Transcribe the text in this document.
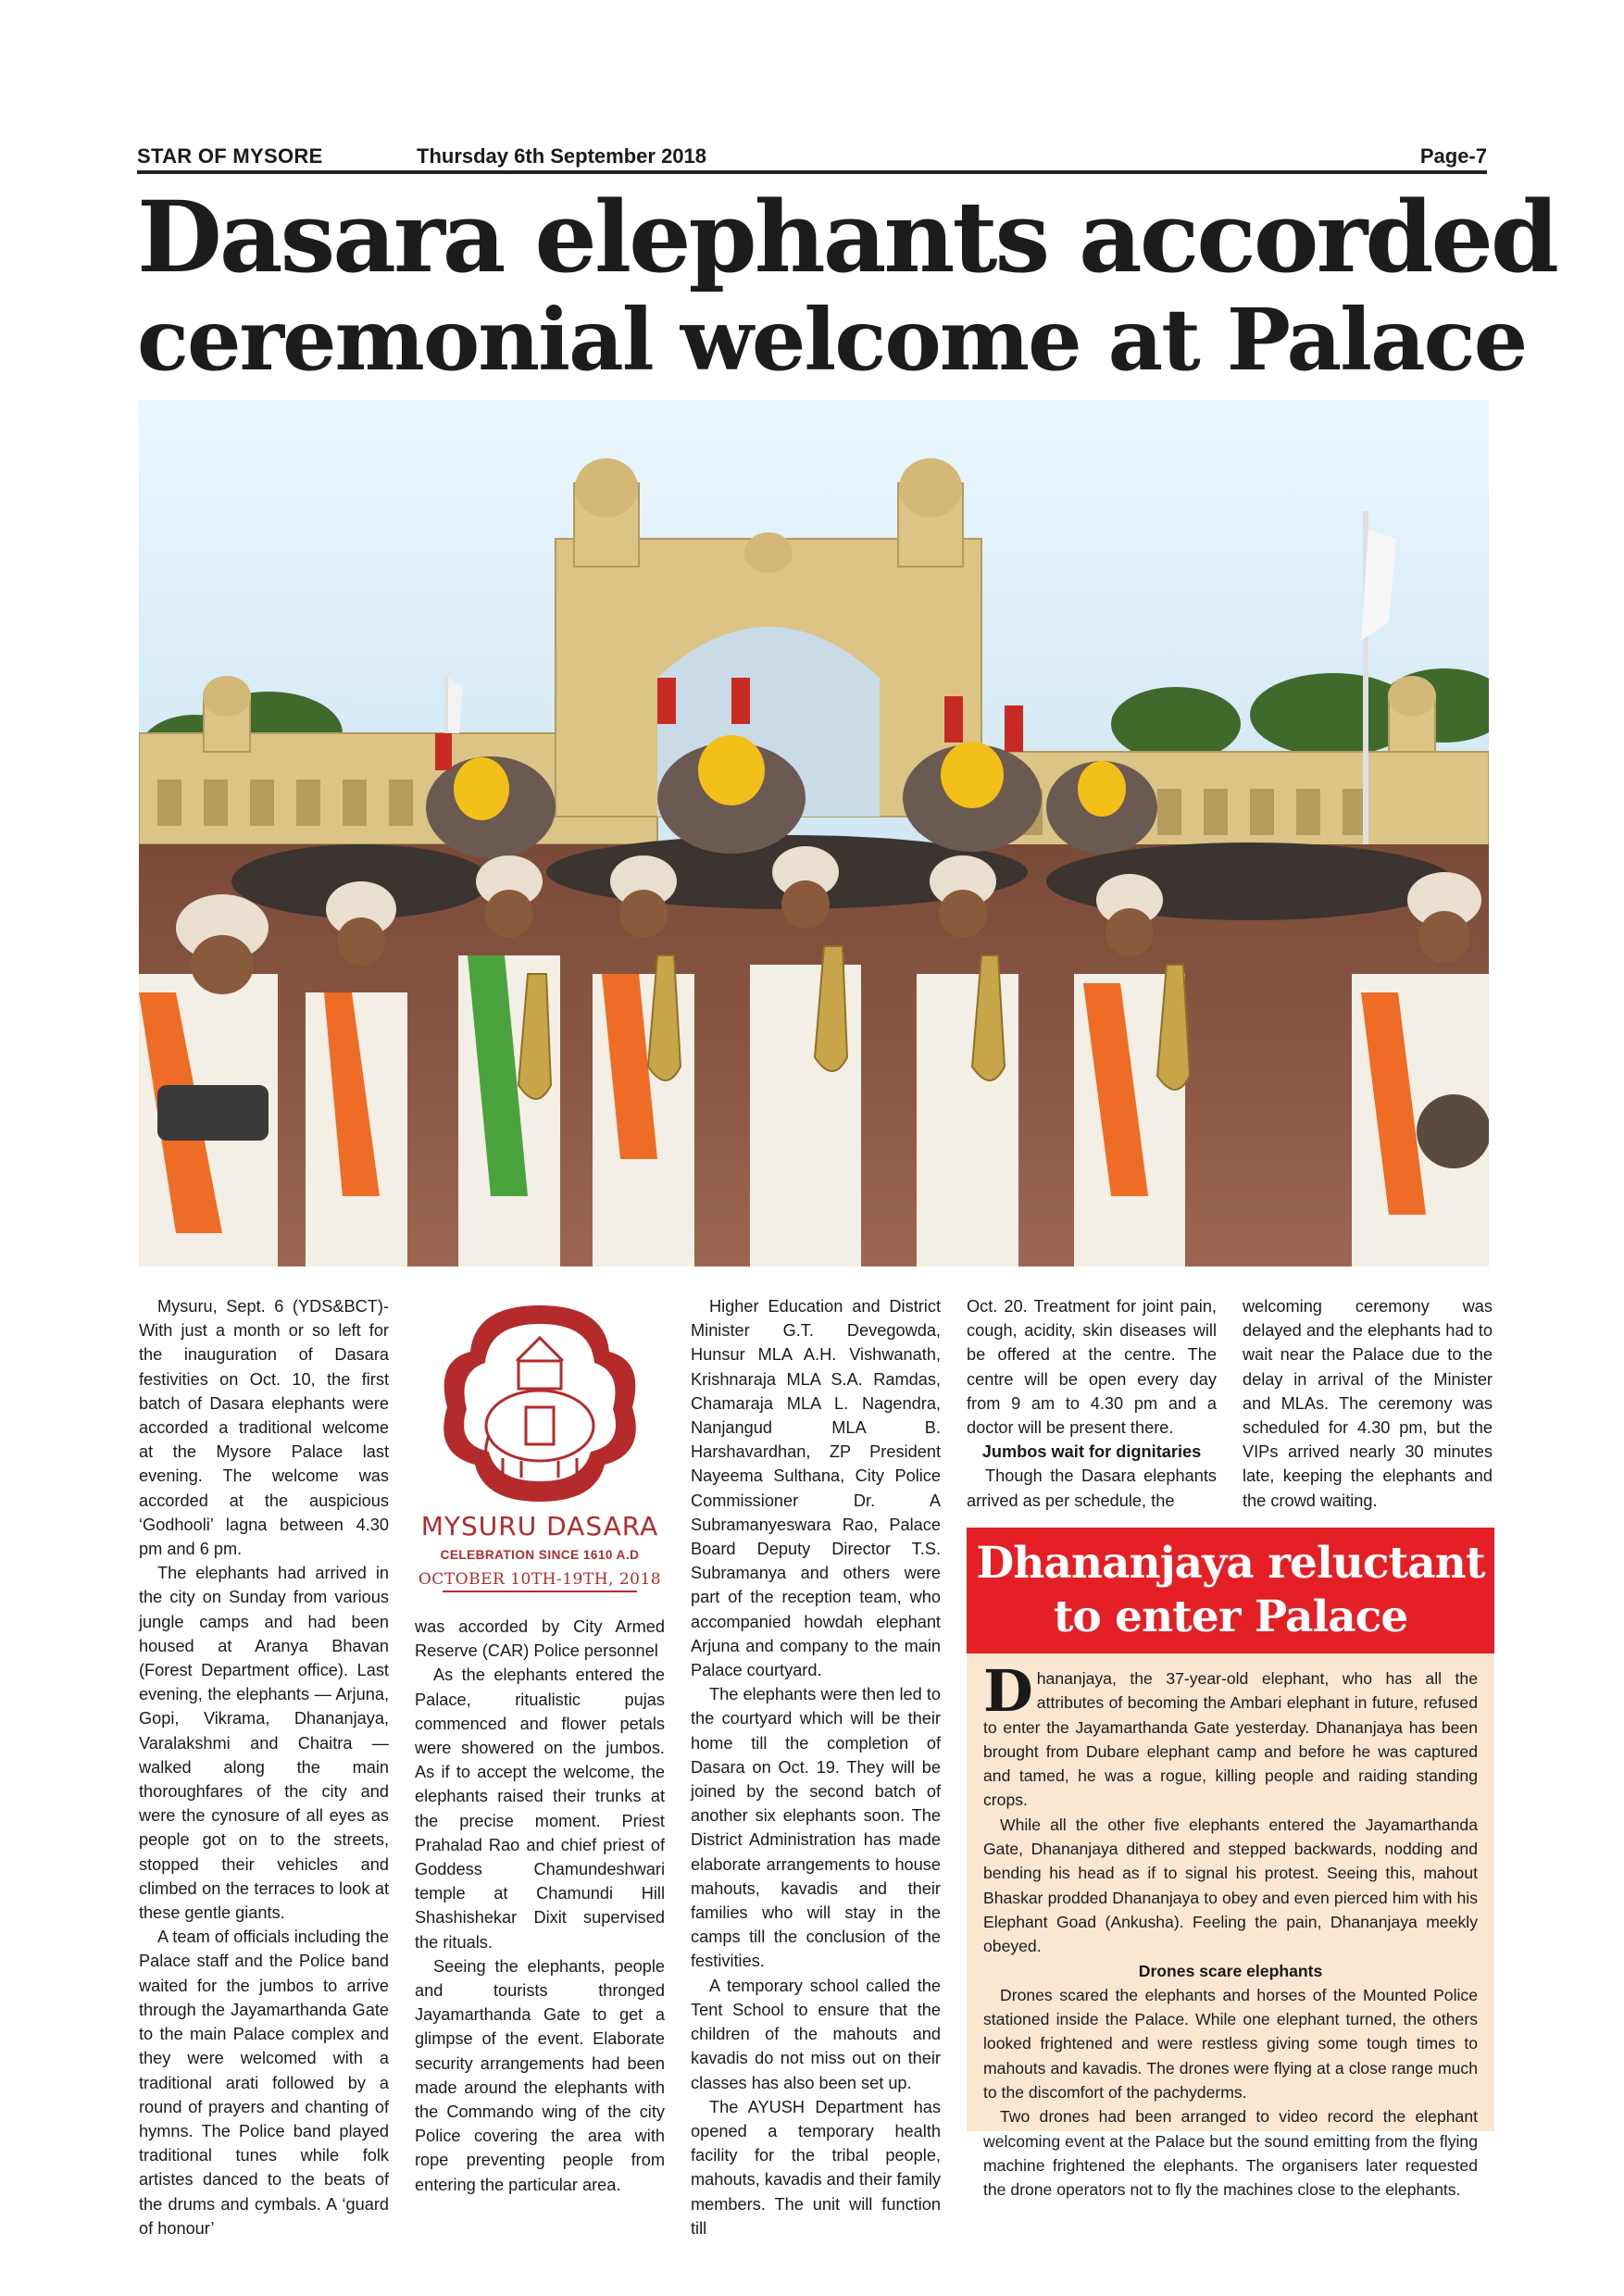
STAR OF MYSORE	Thursday 6th September 2018	Page-7
Dasara elephants accorded
ceremonial welcome at Palace

Mysuru, Sept. 6 (YDS&BCT)- With just a month or so left for the inauguration of Dasara festivities on Oct. 10, the first batch of Dasara elephants were accorded a traditional welcome at the Mysore Palace last evening. The welcome was accorded at the auspicious ‘Godhooli’ lagna between 4.30 pm and 6 pm.

The elephants had arrived in the city on Sunday from various jungle camps and had been housed at Aranya Bhavan (Forest Department office). Last evening, the elephants — Arjuna, Gopi, Vikrama, Dhananjaya, Varalakshmi and Chaitra — walked along the main thoroughfares of the city and were the cynosure of all eyes as people got on to the streets, stopped their vehicles and climbed on the terraces to look at these gentle giants.

A team of officials including the Palace staff and the Police band waited for the jumbos to arrive through the Jayamarthanda Gate to the main Palace complex and they were welcomed with a traditional arati followed by a round of prayers and chanting of hymns. The Police band played traditional tunes while folk artistes danced to the beats of the drums and cymbals. A ‘guard of honour’

MYSURU DASARA
CELEBRATION SINCE 1610 A.D
OCTOBER 10TH-19TH, 2018

was accorded by City Armed Reserve (CAR) Police personnel

As the elephants entered the Palace, ritualistic pujas commenced and flower petals were showered on the jumbos. As if to accept the welcome, the elephants raised their trunks at the precise moment. Priest Prahalad Rao and chief priest of Goddess Chamundeshwari temple at Chamundi Hill Shashishekar Dixit supervised the rituals.

Seeing the elephants, people and tourists thronged Jayamarthanda Gate to get a glimpse of the event. Elaborate security arrangements had been made around the elephants with the Commando wing of the city Police covering the area with rope preventing people from entering the particular area.

Higher Education and District Minister G.T. Devegowda, Hunsur MLA A.H. Vishwanath, Krishnaraja MLA S.A. Ramdas, Chamaraja MLA L. Nagendra, Nanjangud MLA B. Harshavardhan, ZP President Nayeema Sulthana, City Police Commissioner Dr. A Subramanyeswara Rao, Palace Board Deputy Director T.S. Subramanya and others were part of the reception team, who accompanied howdah elephant Arjuna and company to the main Palace courtyard.

The elephants were then led to the courtyard which will be their home till the completion of Dasara on Oct. 19. They will be joined by the second batch of another six elephants soon. The District Administration has made elaborate arrangements to house mahouts, kavadis and their families who will stay in the camps till the conclusion of the festivities.

A temporary school called the Tent School to ensure that the children of the mahouts and kavadis do not miss out on their classes has also been set up.

The AYUSH Department has opened a temporary health facility for the tribal people, mahouts, kavadis and their family members. The unit will function till

Oct. 20. Treatment for joint pain, cough, acidity, skin diseases will be offered at the centre. The centre will be open every day from 9 am to 4.30 pm and a doctor will be present there.

Jumbos wait for dignitaries

Though the Dasara elephants arrived as per schedule, the

welcoming ceremony was delayed and the elephants had to wait near the Palace due to the delay in arrival of the Minister and MLAs. The ceremony was scheduled for 4.30 pm, but the VIPs arrived nearly 30 minutes late, keeping the elephants and the crowd waiting.

Dhananjaya reluctant
to enter Palace

Dhananjaya, the 37-year-old elephant, who has all the attributes of becoming the Ambari elephant in future, refused to enter the Jayamarthanda Gate yesterday. Dhananjaya has been brought from Dubare elephant camp and before he was captured and tamed, he was a rogue, killing people and raiding standing crops.

While all the other five elephants entered the Jayamarthanda Gate, Dhananjaya dithered and stepped backwards, nodding and bending his head as if to signal his protest. Seeing this, mahout Bhaskar prodded Dhananjaya to obey and even pierced him with his Elephant Goad (Ankusha). Feeling the pain, Dhananjaya meekly obeyed.

Drones scare elephants

Drones scared the elephants and horses of the Mounted Police stationed inside the Palace. While one elephant turned, the others looked frightened and were restless giving some tough times to mahouts and kavadis. The drones were flying at a close range much to the discomfort of the pachyderms.

Two drones had been arranged to video record the elephant welcoming event at the Palace but the sound emitting from the flying machine frightened the elephants. The organisers later requested the drone operators not to fly the machines close to the elephants.
